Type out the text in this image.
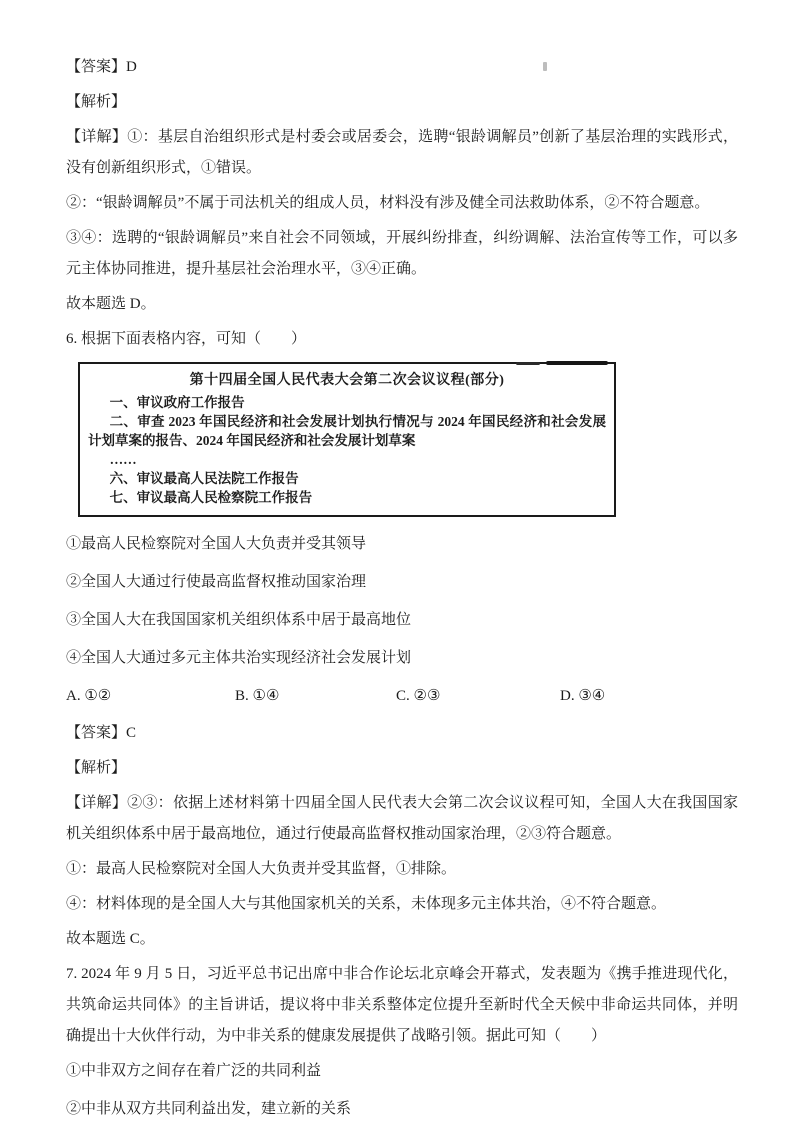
【答案】D

【解析】

【详解】①：基层自治组织形式是村委会或居委会，选聘“银龄调解员”创新了基层治理的实践形式，没有创新组织形式，①错误。

②：“银龄调解员”不属于司法机关的组成人员，材料没有涉及健全司法救助体系，②不符合题意。

③④：选聘的“银龄调解员”来自社会不同领域，开展纠纷排查，纠纷调解、法治宣传等工作，可以多元主体协同推进，提升基层社会治理水平，③④正确。

故本题选 D。

6. 根据下面表格内容，可知（　　）

第十四届全国人民代表大会第二次会议议程(部分)
一、审议政府工作报告
二、审查 2023 年国民经济和社会发展计划执行情况与 2024 年国民经济和社会发展计划草案的报告、2024 年国民经济和社会发展计划草案
……
六、审议最高人民法院工作报告
七、审议最高人民检察院工作报告

①最高人民检察院对全国人大负责并受其领导

②全国人大通过行使最高监督权推动国家治理

③全国人大在我国国家机关组织体系中居于最高地位

④全国人大通过多元主体共治实现经济社会发展计划

A. ①②	B. ①④	C. ②③	D. ③④

【答案】C

【解析】

【详解】②③：依据上述材料第十四届全国人民代表大会第二次会议议程可知，全国人大在我国国家机关组织体系中居于最高地位，通过行使最高监督权推动国家治理，②③符合题意。

①：最高人民检察院对全国人大负责并受其监督，①排除。

④：材料体现的是全国人大与其他国家机关的关系，未体现多元主体共治，④不符合题意。

故本题选 C。

7. 2024 年 9 月 5 日，习近平总书记出席中非合作论坛北京峰会开幕式，发表题为《携手推进现代化，共筑命运共同体》的主旨讲话，提议将中非关系整体定位提升至新时代全天候中非命运共同体，并明确提出十大伙伴行动，为中非关系的健康发展提供了战略引领。据此可知（　　）

①中非双方之间存在着广泛的共同利益

②中非从双方共同利益出发，建立新的关系
